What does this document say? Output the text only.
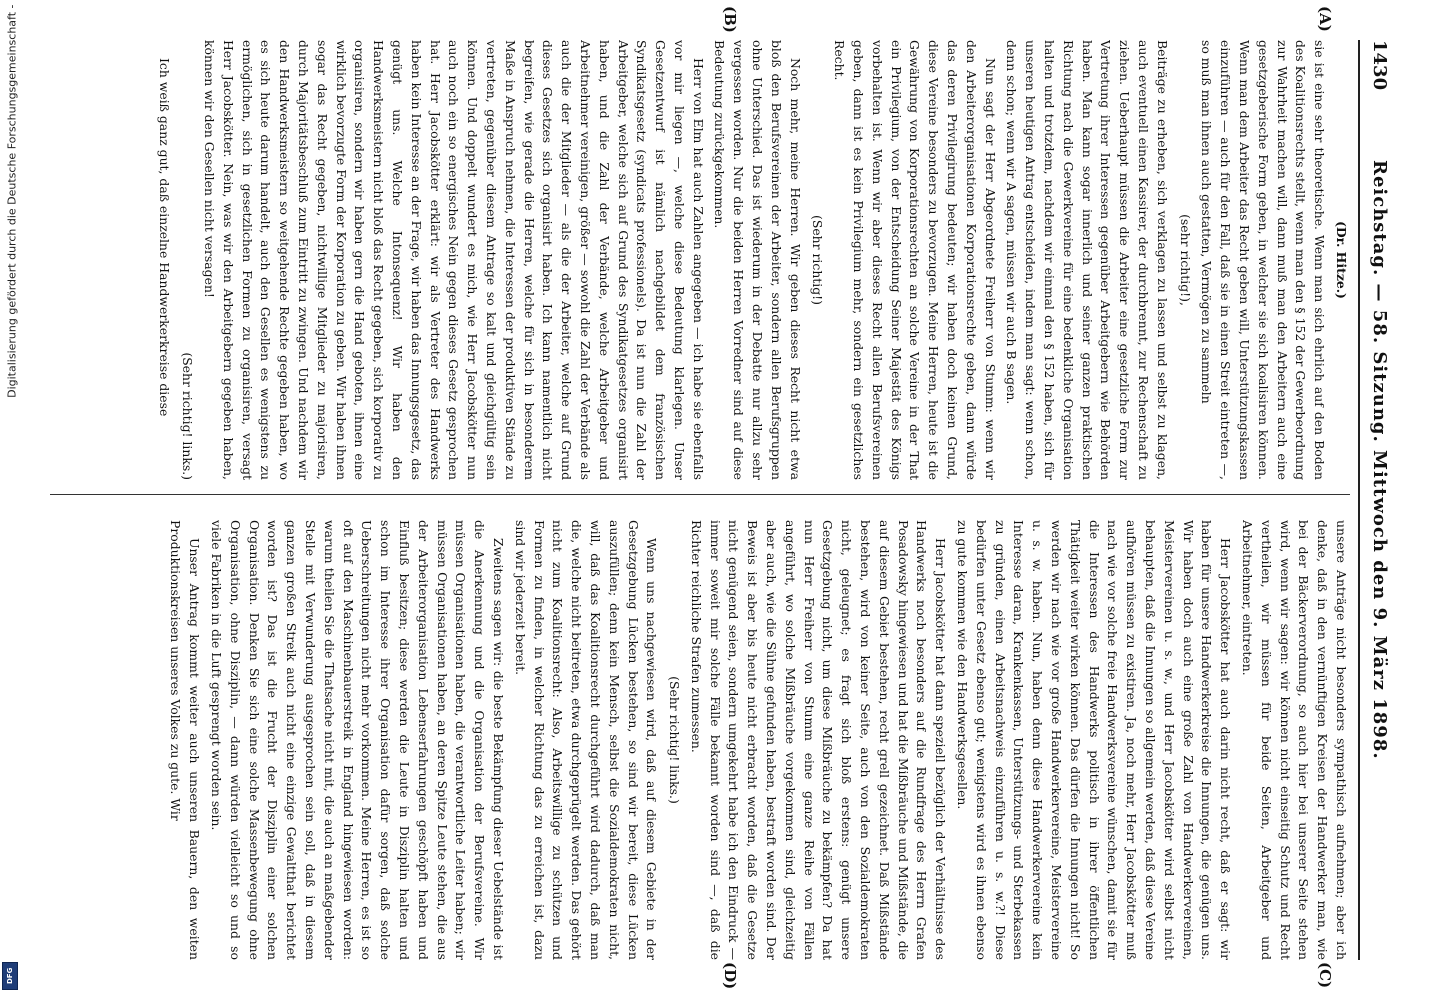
1430
Reichstag. — 58. Sitzung. Mittwoch den 9. März 1898.
(A)
(B)
(C)
(D)

(Dr. Hitze.)

sie ist eine sehr theoretische. Wenn man sich ehrlich auf den Boden des Koalitionsrechts stellt, wenn man den § 152 der Gewerbeordnung zur Wahrheit machen will, dann muß man den Arbeitern auch eine gesetzgeberische Form geben, in welcher sie sich koalisiren können. Wenn man dem Arbeiter das Recht geben will, Unterstützungskassen einzuführen — auch für den Fall, daß sie in einen Streit eintreten —, so muß man ihnen auch gestatten, Vermögen zu sammeln

(sehr richtig!),

Beiträge zu erheben, sich verklagen zu lassen und selbst zu klagen, auch eventuell einen Kassirer, der durchbrennt, zur Rechenschaft zu ziehen. Ueberhaupt müssen die Arbeiter eine gesetzliche Form zur Vertretung ihrer Interessen gegenüber Arbeitgebern wie Behörden haben. Man kann sogar innerlich und seiner ganzen praktischen Richtung nach die Gewerkvereine für eine bedenkliche Organisation halten und trotzdem, nachdem wir einmal den § 152 haben, sich für unseren heutigen Antrag entscheiden, indem man sagt: wenn schon, denn schon; wenn wir A sagen, müssen wir auch B sagen.

Nun sagt der Herr Abgeordnete Freiherr von Stumm: wenn wir den Arbeiterorganisationen Korporationsrechte geben, dann würde das deren Privilegirung bedeuten; wir haben doch keinen Grund, diese Vereine besonders zu bevorzugen. Meine Herren, heute ist die Gewährung von Korporationsrechten an solche Vereine in der That ein Privilegium, von der Entscheidung Seiner Majestät des Königs vorbehalten ist. Wenn wir aber dieses Recht allen Berufsvereinen geben, dann ist es kein Privilegium mehr, sondern ein gesetzliches Recht.

(Sehr richtig!)

Noch mehr, meine Herren. Wir geben dieses Recht nicht etwa bloß den Berufsvereinen der Arbeiter, sondern allen Berufsgruppen ohne Unterschied. Das ist wiederum in der Debatte nur allzu sehr vergessen worden. Nur die beiden Herren Vorredner sind auf diese Bedeutung zurückgekommen.

Herr von Elm hat auch Zahlen angegeben — ich habe sie ebenfalls vor mir liegen —, welche diese Bedeutung klarlegen. Unser Gesetzentwurf ist nämlich nachgebildet dem französischen Syndikatsgesetz (syndicats professionels). Da ist nun die Zahl der Arbeitgeber, welche sich auf Grund des Syndikatgesetzes organisirt haben, und die Zahl der Verbände, welche Arbeitgeber und Arbeitnehmer vereinigen, größer — sowohl die Zahl der Verbände als auch die der Mitglieder — als die der Arbeiter, welche auf Grund dieses Gesetzes sich organisirt haben. Ich kann namentlich nicht begreifen, wie gerade die Herren, welche für sich in besonderem Maße in Anspruch nehmen, die Interessen der produktiven Stände zu vertreten, gegenüber diesem Antrage so kalt und gleichgültig sein können. Und doppelt wundert es mich, wie Herr Jacobskötter nun auch noch ein so energisches Nein gegen dieses Gesetz gesprochen hat. Herr Jacobskötter erklärt: wir als Vertreter des Handwerks haben kein Interesse an der Frage, wir haben das Innungsgesetz, das genügt uns. Welche Intonsequenz! Wir haben den Handwerksmeistern nicht bloß das Recht gegeben, sich korporativ zu organisiren, sondern wir haben gern die Hand geboten, ihnen eine wirklich bevorzugte Form der Korporation zu geben. Wir haben ihnen sogar das Recht gegeben, nichtwillige Mitglieder zu majorisiren, durch Majoritätsbeschluß zum Eintritt zu zwingen. Und nachdem wir den Handwerksmeistern so weitgehende Rechte gegeben haben, wo es sich heute darum handelt, auch den Gesellen es wenigstens zu ermöglichen, sich in gesetzlichen Formen zu organisiren, versagt Herr Jacobskötter. Nein, was wir den Arbeitgebern gegeben haben, können wir den Gesellen nicht versagen!

(Sehr richtig! links.)

Ich weiß ganz gut, daß einzelne Handwerkerkreise diese

unsere Anträge nicht besonders sympathisch aufnehmen; aber ich denke, daß in den vernünftigen Kreisen der Handwerker man, wie bei der Bäckerverordnung, so auch hier bei unserer Seite stehen wird, wenn wir sagen: wir können nicht einseitig Schutz und Recht vertheilen, wir müssen für beide Seiten, Arbeitgeber und Arbeitnehmer, eintreten.

Herr Jacobskötter hat auch darin nicht recht, daß er sagt: wir haben für unsere Handwerkerkreise die Innungen, die genügen uns. Wir haben doch auch eine große Zahl von Handwerkervereinen, Meistervereinen u. s. w., und Herr Jacobskötter wird selbst nicht behaupten, daß die Innungen so allgemein werden, daß diese Vereine aufhören müssen zu existiren. Ja, noch mehr, Herr Jacobskötter muß nach wie vor solche freie Handwerksvereine wünschen, damit sie für die Interessen des Handwerks politisch in ihrer öffentlichen Thätigkeit weiter wirken können. Das dürfen die Innungen nicht! So werden wir nach wie vor große Handwerkervereine, Meistervereine u. s. w. haben. Nun, haben denn diese Handwerkervereine kein Interesse daran, Krankenkassen, Unterstützungs- und Sterbekassen zu gründen, einen Arbeitsnachweis einzuführen u. s. w.?! Diese bedürfen unter Gesetz ebenso gut; wenigstens wird es ihnen ebenso zu gute kommen wie den Handwerksgesellen.

Herr Jacobskötter hat dann speziell bezüglich der Verhältnisse des Handwerks noch besonders auf die Rundfrage des Herrn Grafen Posadowsky hingewiesen und hat die Mißbräuche und Mißstände, die auf diesem Gebiet bestehen, recht grell gezeichnet. Daß Mißstände bestehen, wird von keiner Seite, auch von den Sozialdemokraten nicht, geleugnet; es fragt sich bloß erstens: genügt unsere Gesetzgebung nicht, um diese Mißbräuche zu bekämpfen? Da hat nun Herr Freiherr von Stumm eine ganze Reihe von Fällen angeführt, wo solche Mißbräuche vorgekommen sind, gleichzeitig aber auch, wie die Sühne gefunden haben, bestraft worden sind. Der Beweis ist aber bis heute nicht erbracht worden, daß die Gesetze nicht genügend seien, sondern umgekehrt habe ich den Eindruck — immer soweit mir solche Fälle bekannt worden sind —, daß die Richter reichliche Strafen zumessen.

(Sehr richtig! links.)

Wenn uns nachgewiesen wird, daß auf diesem Gebiete in der Gesetzgebung Lücken bestehen, so sind wir bereit, diese Lücken auszufüllen; denn kein Mensch, selbst die Sozialdemokraten nicht, will, daß das Koalitionsrecht durchgeführt wird dadurch, daß man die, welche nicht beitreten, etwa durchgeprügelt werden. Das gehört nicht zum Koalitionsrecht: Also, Arbeitswillige zu schützen und Formen zu finden, in welcher Richtung das zu erreichen ist, dazu sind wir jederzeit bereit.

Zweitens sagen wir: die beste Bekämpfung dieser Uebelstände ist die Anerkennung und die Organisation der Berufsvereine. Wir müssen Organisationen haben, die verantwortliche Leiter haben; wir müssen Organisationen haben, an deren Spitze Leute stehen, die aus der Arbeiterorganisation Lebenserfahrungen geschöpft haben und Einfluß besitzen; diese werden die Leute in Disziplin halten und schon im Interesse ihrer Organisation dafür sorgen, daß solche Ueberschreitungen nicht mehr vorkommen. Meine Herren, es ist so oft auf den Maschinenbauerstreik in England hingewiesen worden: warum theilen Sie die Thatsache nicht mit, die auch an maßgebender Stelle mit Verwunderung ausgesprochen sein soll, daß in diesem ganzen großen Streik auch nicht eine einzige Gewaltthat berichtet worden ist? Das ist die Frucht der Disziplin einer solchen Organisation. Denken Sie sich eine solche Massenbewegung ohne Organisation, ohne Disziplin, — dann würden vielleicht so und so viele Fabriken in die Luft gesprengt worden sein.

Unser Antrag kommt weiter auch unseren Bauern, den weiten Produktionskreisen unseres Volkes zu gute. Wir

Digitalisierung gefördert durch die Deutsche Forschungsgemeinschaft -
DFG
